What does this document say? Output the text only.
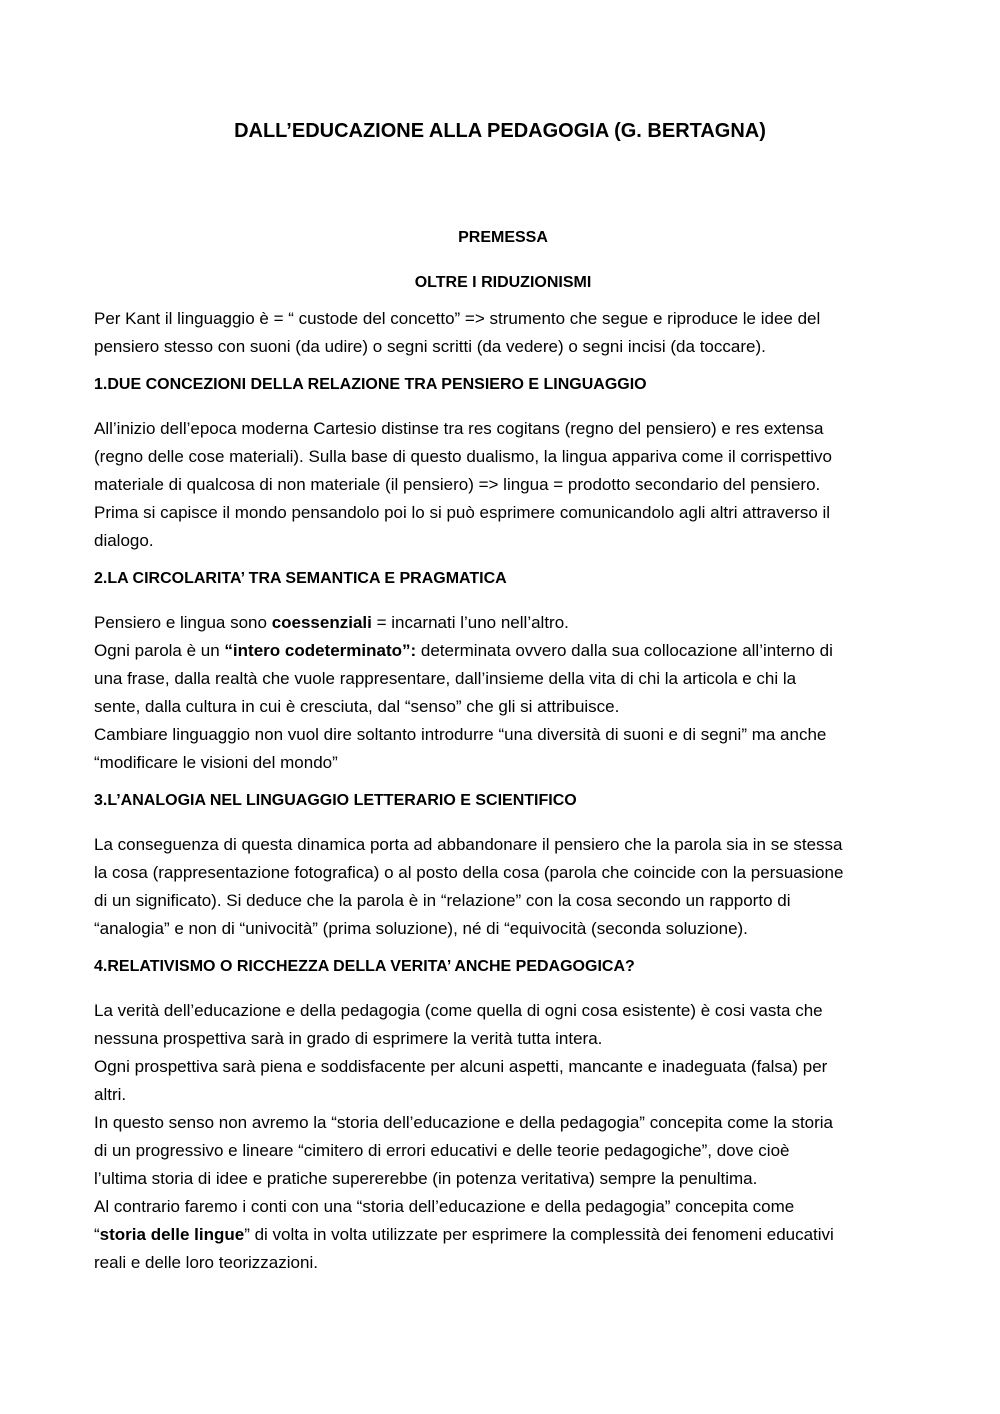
DALL’EDUCAZIONE ALLA PEDAGOGIA (G. BERTAGNA)

PREMESSA

OLTRE I RIDUZIONISMI

Per Kant il linguaggio è = “ custode del concetto” => strumento che segue e riproduce le idee del
pensiero stesso con suoni (da udire) o segni scritti (da vedere) o segni incisi (da toccare).

1.DUE CONCEZIONI DELLA RELAZIONE TRA PENSIERO E LINGUAGGIO

All’inizio dell’epoca moderna Cartesio distinse tra res cogitans (regno del pensiero) e res extensa
(regno delle cose materiali). Sulla base di questo dualismo, la lingua appariva come il corrispettivo
materiale di qualcosa di non materiale (il pensiero) => lingua = prodotto secondario del pensiero.
Prima si capisce il mondo pensandolo poi lo si può esprimere comunicandolo agli altri attraverso il
dialogo.

2.LA CIRCOLARITA’ TRA SEMANTICA E PRAGMATICA

Pensiero e lingua sono coessenziali = incarnati l’uno nell’altro.
Ogni parola è un “intero codeterminato”: determinata ovvero dalla sua collocazione all’interno di
una frase, dalla realtà che vuole rappresentare, dall’insieme della vita di chi la articola e chi la
sente, dalla cultura in cui è cresciuta, dal “senso” che gli si attribuisce.
Cambiare linguaggio non vuol dire soltanto introdurre “una diversità di suoni e di segni” ma anche
“modificare le visioni del mondo”

3.L’ANALOGIA NEL LINGUAGGIO LETTERARIO E SCIENTIFICO

La conseguenza di questa dinamica porta ad abbandonare il pensiero che la parola sia in se stessa
la cosa (rappresentazione fotografica) o al posto della cosa (parola che coincide con la persuasione
di un significato). Si deduce che la parola è in “relazione” con la cosa secondo un rapporto di
“analogia” e non di “univocità” (prima soluzione), né di “equivocità (seconda soluzione).

4.RELATIVISMO O RICCHEZZA DELLA VERITA’ ANCHE PEDAGOGICA?

La verità dell’educazione e della pedagogia (come quella di ogni cosa esistente) è cosi vasta che
nessuna prospettiva sarà in grado di esprimere la verità tutta intera.
Ogni prospettiva sarà piena e soddisfacente per alcuni aspetti, mancante e inadeguata (falsa) per
altri.
In questo senso non avremo la “storia dell’educazione e della pedagogia” concepita come la storia
di un progressivo e lineare “cimitero di errori educativi e delle teorie pedagogiche”, dove cioè
l’ultima storia di idee e pratiche supererebbe (in potenza veritativa) sempre la penultima.
Al contrario faremo i conti con una “storia dell’educazione e della pedagogia” concepita come
“storia delle lingue” di volta in volta utilizzate per esprimere la complessità dei fenomeni educativi
reali e delle loro teorizzazioni.
